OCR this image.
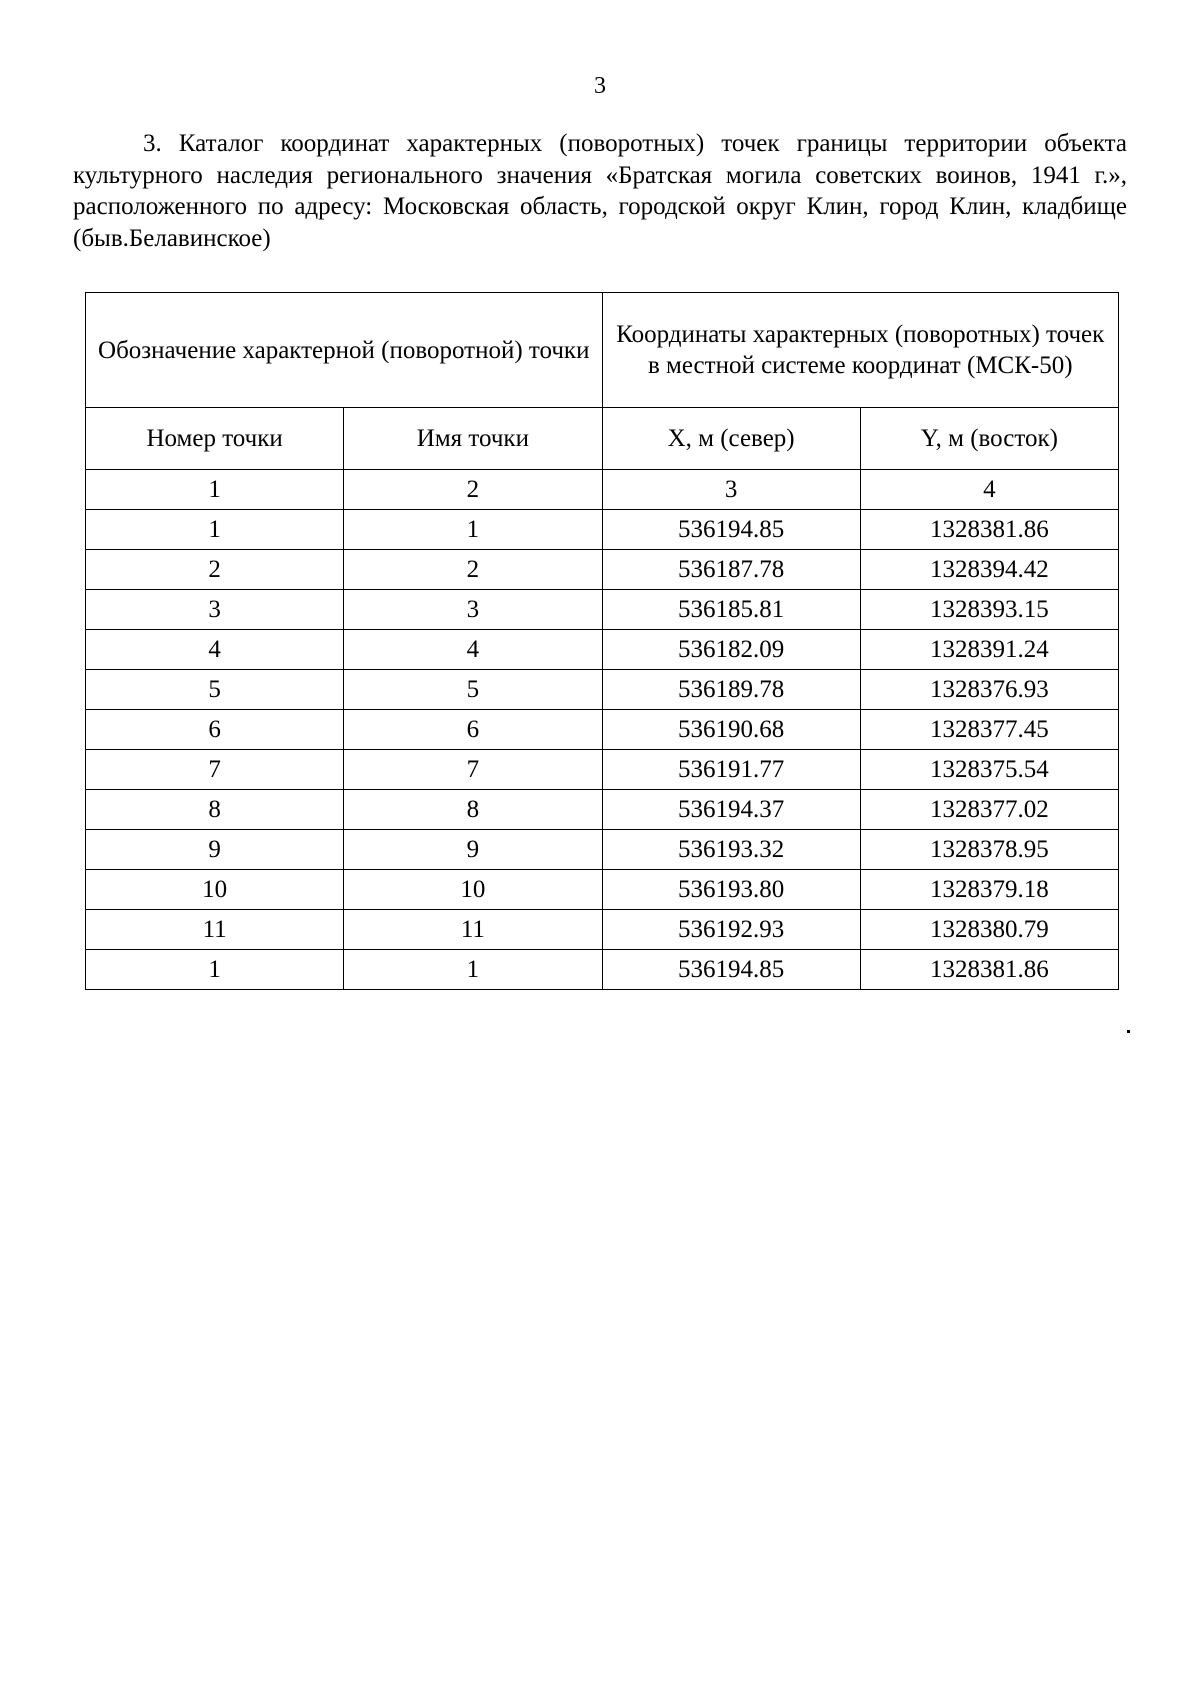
3
3. Каталог координат характерных (поворотных) точек границы территории объекта культурного наследия регионального значения «Братская могила советских воинов, 1941 г.», расположенного по адресу: Московская область, городской округ Клин, город Клин, кладбище (быв.Белавинское)
Обозначение характерной (поворотной) точки		Координаты характерных (поворотных) точек в местной системе координат (МСК-50)	

Номер точки	Имя точки	X, м (север)	Y, м (восток)
1	2	3	4
1	1	536194.85	1328381.86
2	2	536187.78	1328394.42
3	3	536185.81	1328393.15
4	4	536182.09	1328391.24
5	5	536189.78	1328376.93
6	6	536190.68	1328377.45
7	7	536191.77	1328375.54
8	8	536194.37	1328377.02
9	9	536193.32	1328378.95
10	10	536193.80	1328379.18
11	11	536192.93	1328380.79
1	1	536194.85	1328381.86
